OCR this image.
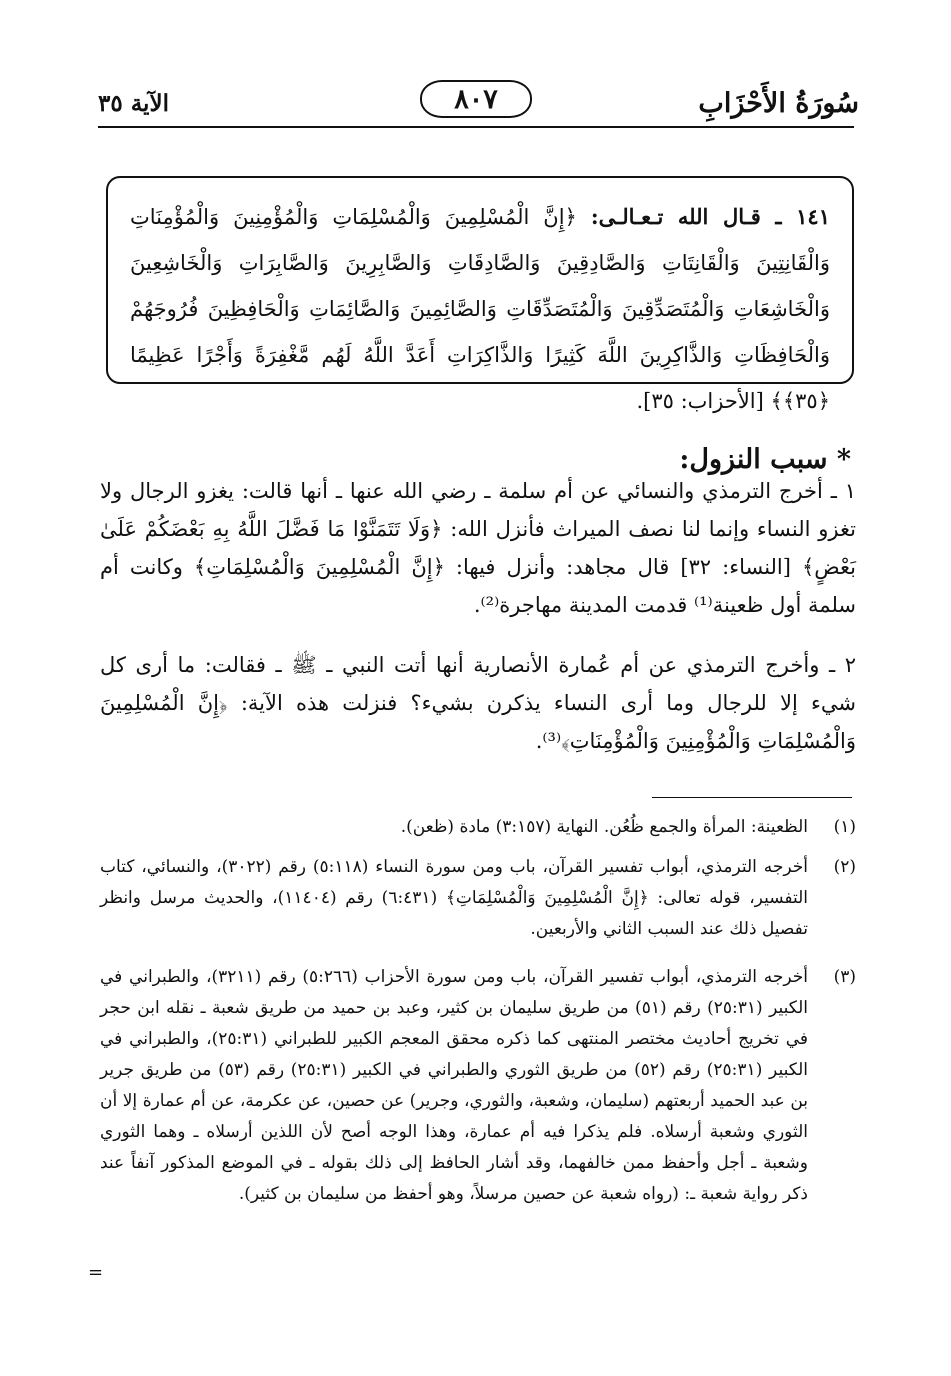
سُورَةُ الأَحْزَابِ
٨٠٧
الآية ٣٥
١٤١ ـ قـال الله تـعـالـى: ﴿إِنَّ الْمُسْلِمِينَ وَالْمُسْلِمَاتِ وَالْمُؤْمِنِينَ وَالْمُؤْمِنَاتِ وَالْقَانِتِينَ وَالْقَانِتَاتِ وَالصَّادِقِينَ وَالصَّادِقَاتِ وَالصَّابِرِينَ وَالصَّابِرَاتِ وَالْخَاشِعِينَ وَالْخَاشِعَاتِ وَالْمُتَصَدِّقِينَ وَالْمُتَصَدِّقَاتِ وَالصَّائِمِينَ وَالصَّائِمَاتِ وَالْحَافِظِينَ فُرُوجَهُمْ وَالْحَافِظَاتِ وَالذَّاكِرِينَ اللَّهَ كَثِيرًا وَالذَّاكِرَاتِ أَعَدَّ اللَّهُ لَهُم مَّغْفِرَةً وَأَجْرًا عَظِيمًا ﴿٣٥﴾﴾ [الأحزاب: ٣٥].
* سبب النزول:
١ ـ أخرج الترمذي والنسائي عن أم سلمة ـ رضي الله عنها ـ أنها قالت: يغزو الرجال ولا تغزو النساء وإنما لنا نصف الميراث فأنزل الله: ﴿وَلَا تَتَمَنَّوْا مَا فَضَّلَ اللَّهُ بِهِ بَعْضَكُمْ عَلَىٰ بَعْضٍ﴾ [النساء: ٣٢] قال مجاهد: وأنزل فيها: ﴿إِنَّ الْمُسْلِمِينَ وَالْمُسْلِمَاتِ﴾ وكانت أم سلمة أول ظعينة⁽¹⁾ قدمت المدينة مهاجرة⁽²⁾.
٢ ـ وأخرج الترمذي عن أم عُمارة الأنصارية أنها أتت النبي ـ ﷺ ـ فقالت: ما أرى كل شيء إلا للرجال وما أرى النساء يذكرن بشيء؟ فنزلت هذه الآية: ﴿إِنَّ الْمُسْلِمِينَ وَالْمُسْلِمَاتِ وَالْمُؤْمِنِينَ وَالْمُؤْمِنَاتِ﴾⁽³⁾.
(١)
الظعينة: المرأة والجمع ظُعُن. النهاية (٣:١٥٧) مادة (ظعن).
(٢)
أخرجه الترمذي، أبواب تفسير القرآن، باب ومن سورة النساء (٥:١١٨) رقم (٣٠٢٢)، والنسائي، كتاب التفسير، قوله تعالى: ﴿إِنَّ الْمُسْلِمِينَ وَالْمُسْلِمَاتِ﴾ (٦:٤٣١) رقم (١١٤٠٤)، والحديث مرسل وانظر تفصيل ذلك عند السبب الثاني والأربعين.
(٣)
أخرجه الترمذي، أبواب تفسير القرآن، باب ومن سورة الأحزاب (٥:٢٦٦) رقم (٣٢١١)، والطبراني في الكبير (٢٥:٣١) رقم (٥١) من طريق سليمان بن كثير، وعبد بن حميد من طريق شعبة ـ نقله ابن حجر في تخريج أحاديث مختصر المنتهى كما ذكره محقق المعجم الكبير للطبراني (٢٥:٣١)، والطبراني في الكبير (٢٥:٣١) رقم (٥٢) من طريق الثوري والطبراني في الكبير (٢٥:٣١) رقم (٥٣) من طريق جرير بن عبد الحميد أربعتهم (سليمان، وشعبة، والثوري، وجرير) عن حصين، عن عكرمة، عن أم عمارة إلا أن الثوري وشعبة أرسلاه. فلم يذكرا فيه أم عمارة، وهذا الوجه أصح لأن اللذين أرسلاه ـ وهما الثوري وشعبة ـ أجل وأحفظ ممن خالفهما، وقد أشار الحافظ إلى ذلك بقوله ـ في الموضع المذكور آنفاً عند ذكر رواية شعبة ـ: (رواه شعبة عن حصين مرسلاً، وهو أحفظ من سليمان بن كثير).
=
